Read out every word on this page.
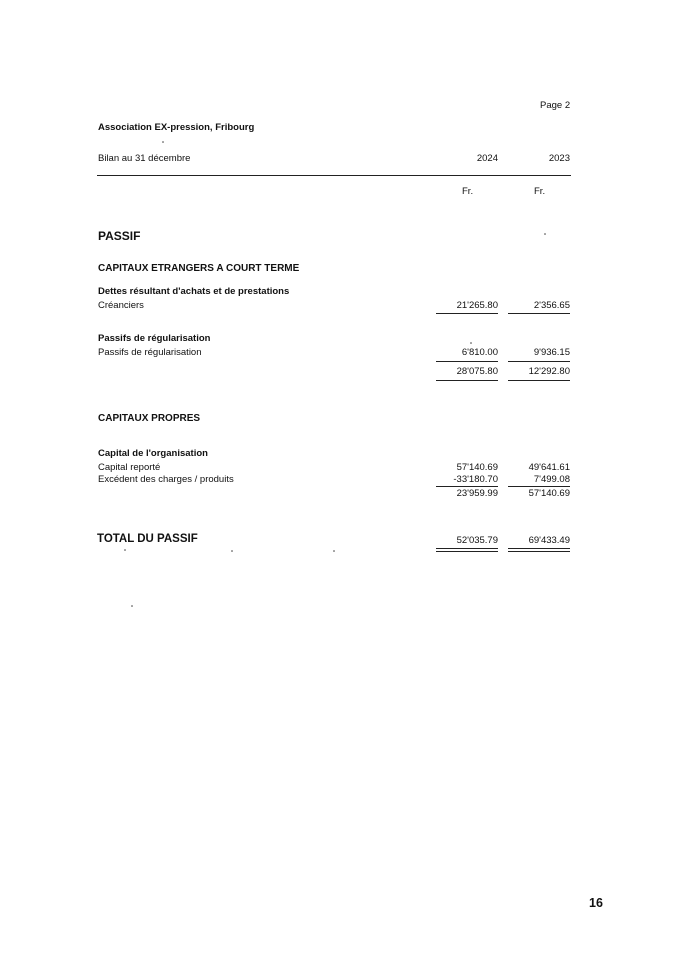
Page 2
Association EX-pression, Fribourg
Bilan au 31 décembre	2024	2023
Fr.	Fr.
PASSIF
CAPITAUX ETRANGERS A COURT TERME
Dettes résultant d'achats et de prestations
Créanciers	21'265.80	2'356.65
Passifs de régularisation
Passifs de régularisation	6'810.00	9'936.15
28'075.80	12'292.80
CAPITAUX PROPRES
Capital de l'organisation
Capital reporté	57'140.69	49'641.61
Excédent des charges / produits	-33'180.70	7'499.08
23'959.99	57'140.69
TOTAL DU PASSIF	52'035.79	69'433.49
16
